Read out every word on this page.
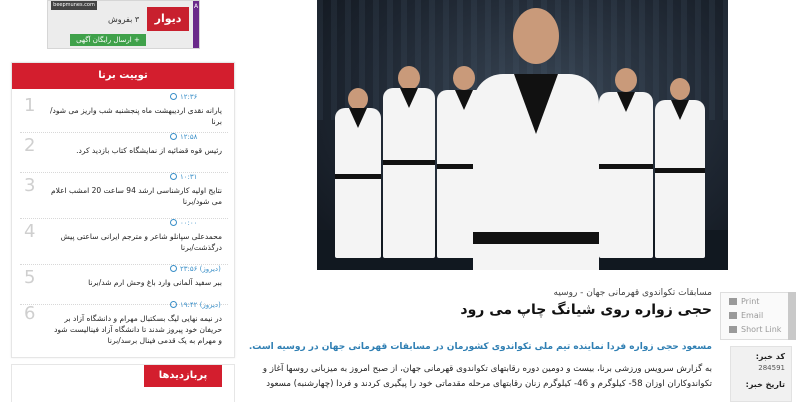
beepmunes.com
۳ بفروش	دیوار
+ ارسال رایگان آگهی
A
تویيت برنا
1	۱۲:۳۶
یارانه نقدی اردیبهشت ماه پنجشنبه شب واریز می شود/برنا
2	۱۲:۵۸
رئیس قوه قضائیه از نمایشگاه کتاب بازدید کرد.
3	۱۰:۳۱
نتایج اولیه کارشناسی ارشد 94 ساعت 20 امشب اعلام می شود/برنا
4	۰۰:۰۰
محمدعلی سپانلو شاعر و مترجم ایرانی ساعتی پیش درگذشت/برنا
5	۲۳:۵۶ (دیروز)
ببر سفید آلمانی وارد باغ وحش ارم شد/برنا
6	۱۹:۴۲ (دیروز)
در نیمه نهایی لیگ بسکتبال مهرام و دانشگاه آزاد بر حریفان خود پیروز شدند تا دانشگاه آزاد فینالیست شود و مهرام به یک قدمی فینال برسد/برنا
پربازدیدها
مسابقات تکواندوی قهرمانی جهان - روسیه
حجی زواره روی شیانگ چاپ می رود
مسعود حجی زواره فردا نماینده تیم ملی تکواندوی کشورمان در مسابقات قهرمانی جهان در روسیه است.
به گزارش سرویس ورزشی برنا، بیست و دومین دوره رقابتهای تکواندوی قهرمانی جهان، از صبح امروز به میزبانی روسها آغاز و تکواندوکاران اوزان 58- کیلوگرم و 46- کیلوگرم زنان رقابتهای مرحله مقدماتی خود را پیگیری کردند و فردا (چهارشنبه) مسعود
Print
Email
Short Link
کد خبر:
284591
تاریخ خبر:
